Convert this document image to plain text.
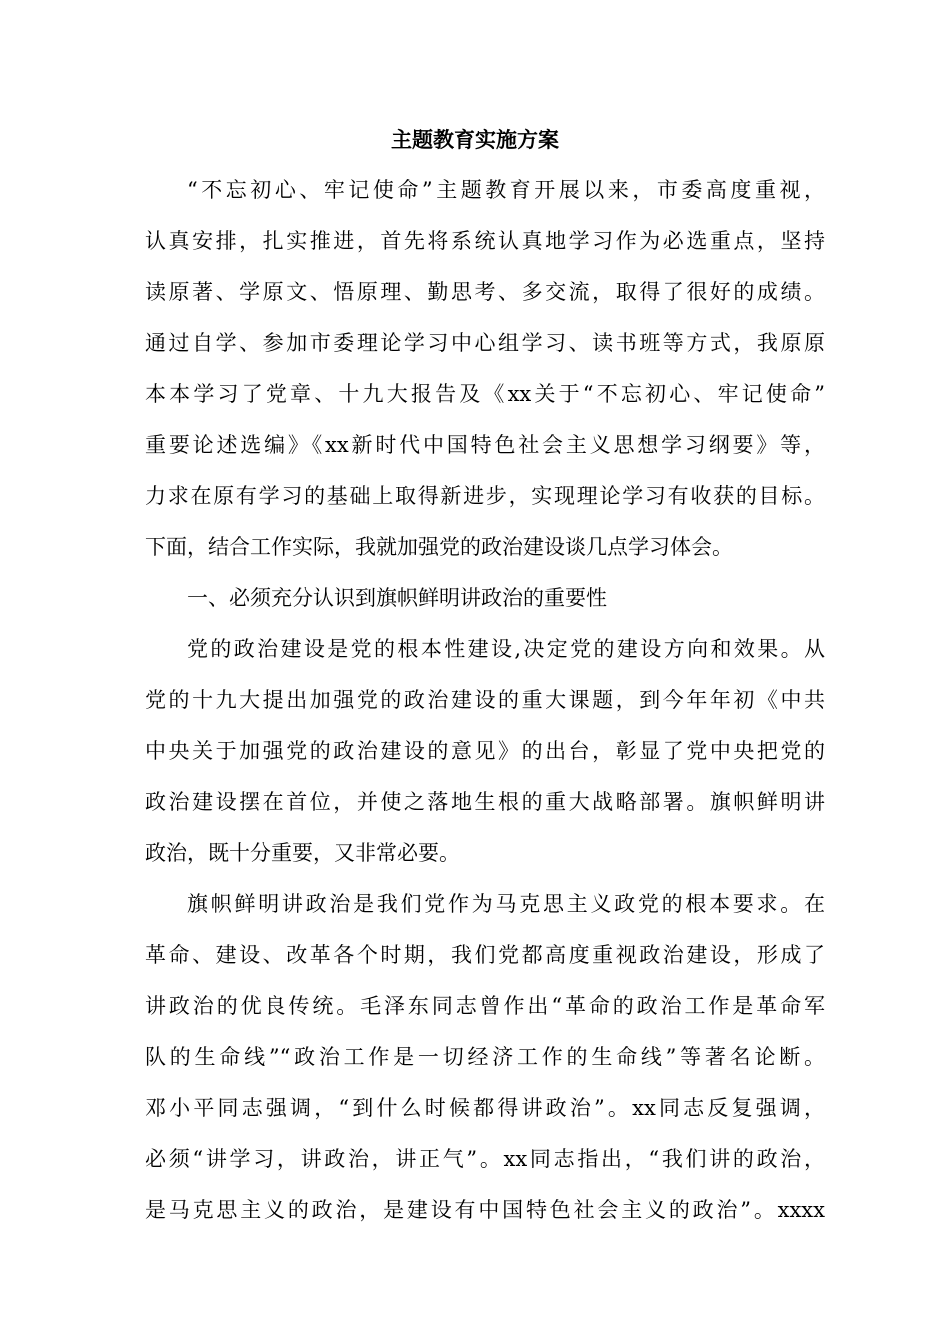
主题教育实施方案
“不忘初心、牢记使命”主题教育开展以来，市委高度重视，
认真安排，扎实推进，首先将系统认真地学习作为必选重点，坚持
读原著、学原文、悟原理、勤思考、多交流，取得了很好的成绩。
通过自学、参加市委理论学习中心组学习、读书班等方式，我原原
本本学习了党章、十九大报告及《xx关于“不忘初心、牢记使命”
重要论述选编》《xx新时代中国特色社会主义思想学习纲要》等，
力求在原有学习的基础上取得新进步，实现理论学习有收获的目标。
下面，结合工作实际，我就加强党的政治建设谈几点学习体会。
一、必须充分认识到旗帜鲜明讲政治的重要性
党的政治建设是党的根本性建设,决定党的建设方向和效果。从
党的十九大提出加强党的政治建设的重大课题，到今年年初《中共
中央关于加强党的政治建设的意见》的出台，彰显了党中央把党的
政治建设摆在首位，并使之落地生根的重大战略部署。旗帜鲜明讲
政治，既十分重要，又非常必要。
旗帜鲜明讲政治是我们党作为马克思主义政党的根本要求。在
革命、建设、改革各个时期，我们党都高度重视政治建设，形成了
讲政治的优良传统。毛泽东同志曾作出“革命的政治工作是革命军
队的生命线”“政治工作是一切经济工作的生命线”等著名论断。
邓小平同志强调，“到什么时候都得讲政治”。xx同志反复强调，
必须“讲学习，讲政治，讲正气”。xx同志指出，“我们讲的政治，
是马克思主义的政治，是建设有中国特色社会主义的政治”。xxxx
